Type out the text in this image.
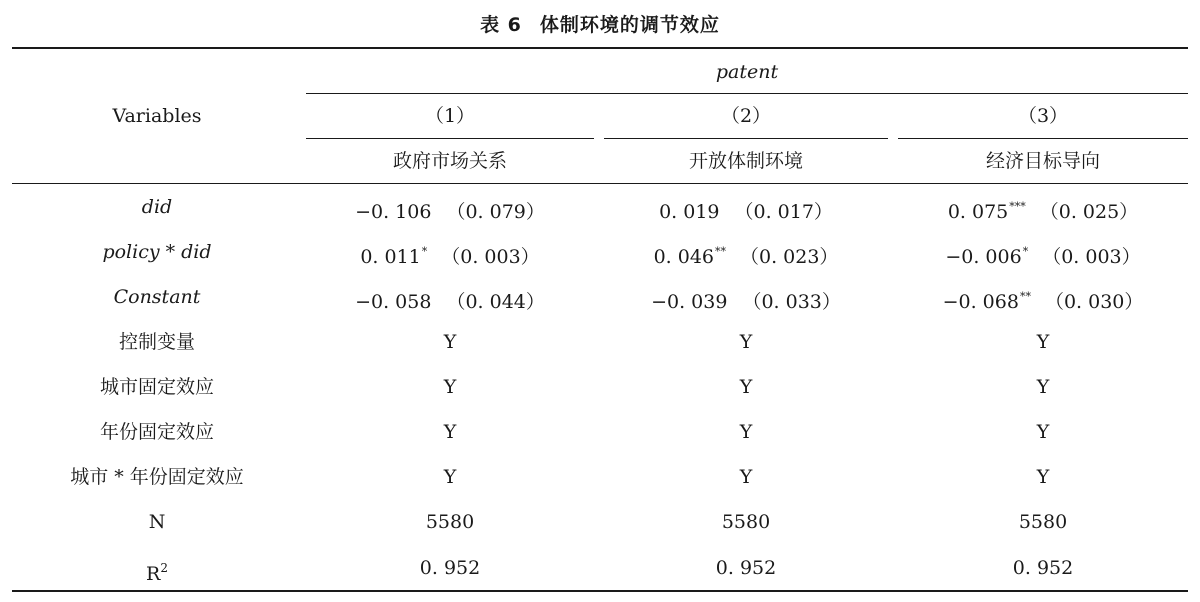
表 6 体制环境的调节效应
Variables
patent
（1）	（2）	（3）
政府市场关系	开放体制环境	经济目标导向
did	−0. 106 （0. 079）	0. 019 （0. 017）	0. 075*** （0. 025）
policy * did	0. 011* （0. 003）	0. 046** （0. 023）	−0. 006* （0. 003）
Constant	−0. 058 （0. 044）	−0. 039 （0. 033）	−0. 068** （0. 030）
控制变量	Y	Y	Y
城市固定效应	Y	Y	Y
年份固定效应	Y	Y	Y
城市 * 年份固定效应	Y	Y	Y
N	5580	5580	5580
$R^2$	0. 952	0. 952	0. 952
